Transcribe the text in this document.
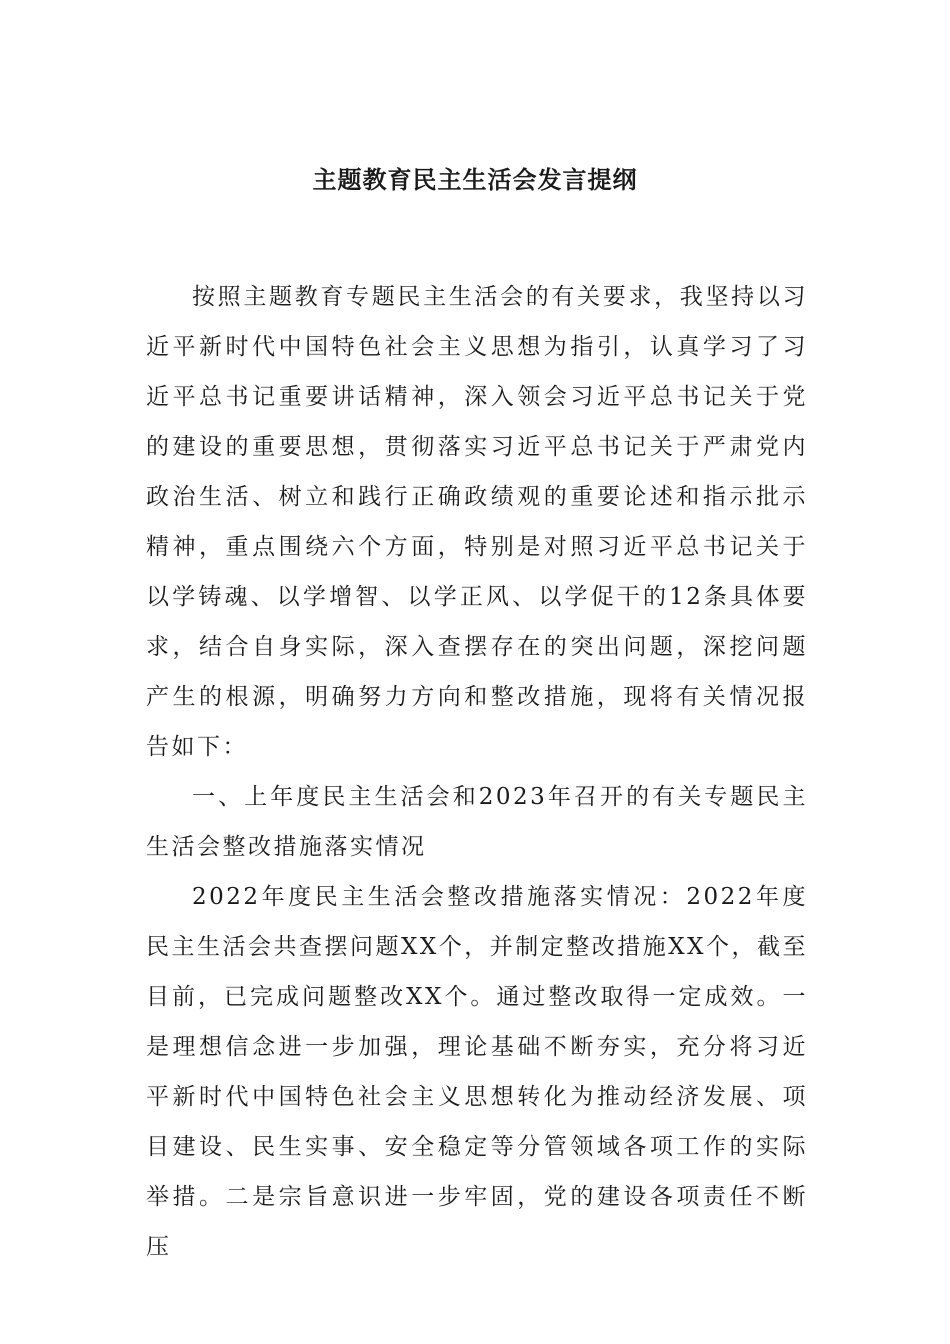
主题教育民主生活会发言提纲

按照主题教育专题民主生活会的有关要求，我坚持以习近平新时代中国特色社会主义思想为指引，认真学习了习近平总书记重要讲话精神，深入领会习近平总书记关于党的建设的重要思想，贯彻落实习近平总书记关于严肃党内政治生活、树立和践行正确政绩观的重要论述和指示批示精神，重点围绕六个方面，特别是对照习近平总书记关于以学铸魂、以学增智、以学正风、以学促干的12条具体要求，结合自身实际，深入查摆存在的突出问题，深挖问题产生的根源，明确努力方向和整改措施，现将有关情况报告如下：

一、上年度民主生活会和2023年召开的有关专题民主生活会整改措施落实情况

2022年度民主生活会整改措施落实情况：2022年度民主生活会共查摆问题XX个，并制定整改措施XX个，截至目前，已完成问题整改XX个。通过整改取得一定成效。一是理想信念进一步加强，理论基础不断夯实，充分将习近平新时代中国特色社会主义思想转化为推动经济发展、项目建设、民生实事、安全稳定等分管领域各项工作的实际举措。二是宗旨意识进一步牢固，党的建设各项责任不断压
